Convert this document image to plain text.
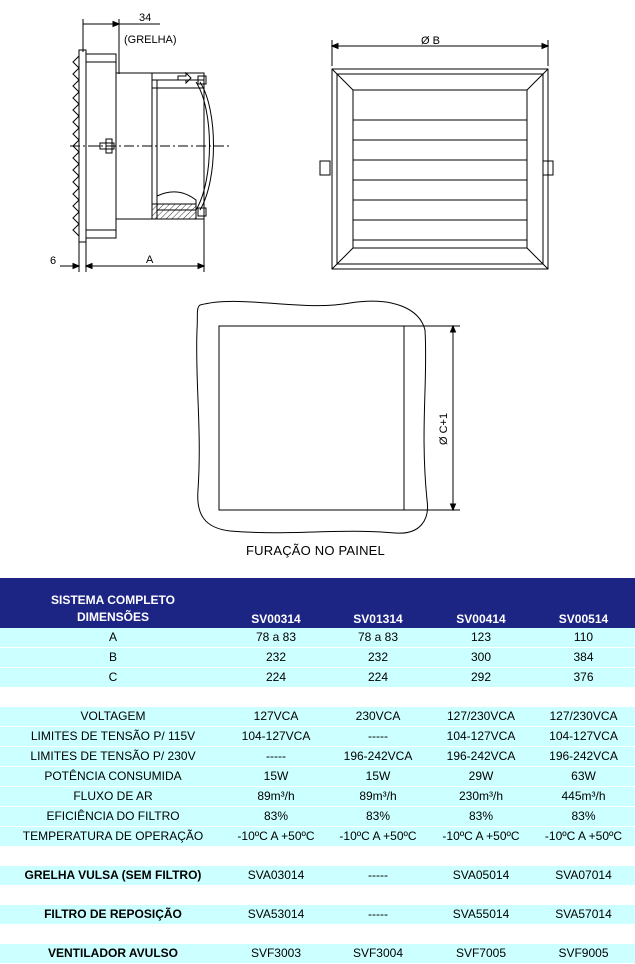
34
(GRELHA)
6	A
Ø B
Ø C+1
FURAÇÃO NO PAINEL
SISTEMA COMPLETO
DIMENSÕES	SV00314	SV01314	SV00414	SV00514
A	78 a 83	78 a 83	123	110
B	232	232	300	384
C	224	224	292	376

VOLTAGEM	127VCA	230VCA	127/230VCA	127/230VCA
LIMITES DE TENSÃO P/ 115V	104-127VCA	-----	104-127VCA	104-127VCA
LIMITES DE TENSÃO P/ 230V	-----	196-242VCA	196-242VCA	196-242VCA
POTÊNCIA CONSUMIDA	15W	15W	29W	63W
FLUXO DE AR	89m³/h	89m³/h	230m³/h	445m³/h
EFICIÊNCIA DO FILTRO	83%	83%	83%	83%
TEMPERATURA DE OPERAÇÃO	-10ºC A +50ºC	-10ºC A +50ºC	-10ºC A +50ºC	-10ºC A +50ºC

GRELHA VULSA (SEM FILTRO)	SVA03014	-----	SVA05014	SVA07014

FILTRO DE REPOSIÇÃO	SVA53014	-----	SVA55014	SVA57014

VENTILADOR AVULSO	SVF3003	SVF3004	SVF7005	SVF9005
